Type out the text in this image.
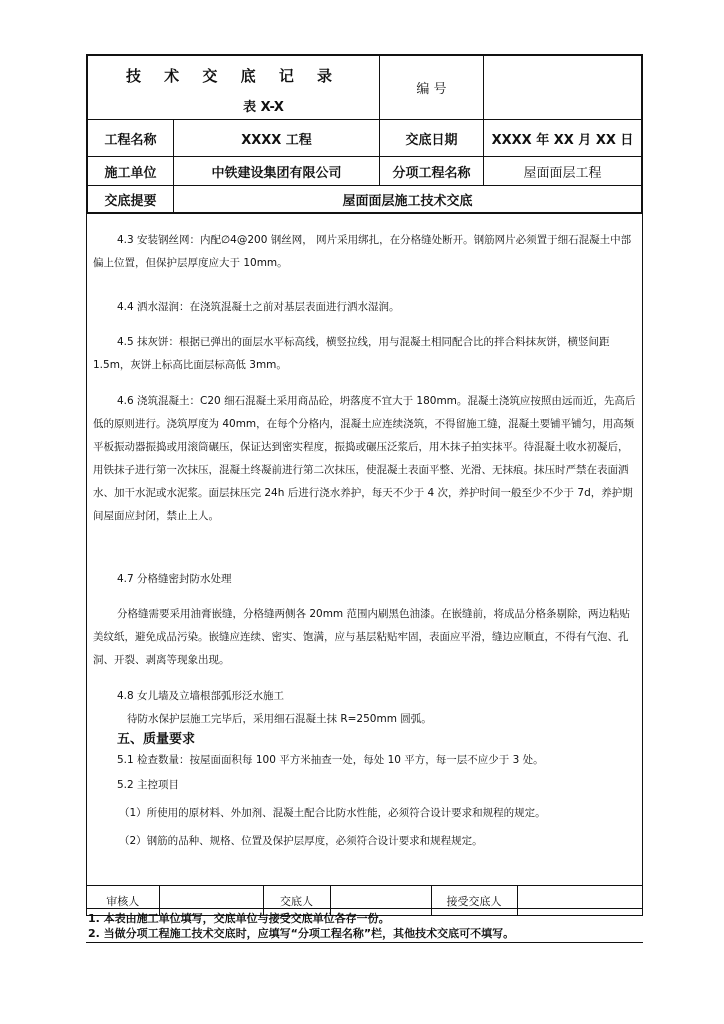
技 术 交 底 记 录
表 X-X		编 号	
工程名称	XXXX 工程	交底日期	XXXX 年 XX 月 XX 日
施工单位	中铁建设集团有限公司	分项工程名称	屋面面层工程
交底提要	屋面面层施工技术交底		
4.3 安装钢丝网：内配∅4@200 钢丝网， 网片采用绑扎，在分格缝处断开。钢筋网片必须置于细石混凝土中部偏上位置，但保护层厚度应大于 10mm。
4.4 洒水湿润：在浇筑混凝土之前对基层表面进行洒水湿润。
4.5 抹灰饼：根据已弹出的面层水平标高线，横竖拉线，用与混凝土相同配合比的拌合料抹灰饼，横竖间距 1.5m，灰饼上标高比面层标高低 3mm。
4.6 浇筑混凝土：C20 细石混凝土采用商品砼，坍落度不宜大于 180mm。混凝土浇筑应按照由远而近，先高后低的原则进行。浇筑厚度为 40mm，在每个分格内，混凝土应连续浇筑，不得留施工缝，混凝土要铺平铺匀，用高频平板振动器振捣或用滚筒碾压，保证达到密实程度，振捣或碾压泛浆后，用木抹子拍实抹平。待混凝土收水初凝后，用铁抹子进行第一次抹压，混凝土终凝前进行第二次抹压，使混凝土表面平整、光滑、无抹痕。抹压时严禁在表面洒水、加干水泥或水泥浆。面层抹压完 24h 后进行浇水养护，每天不少于 4 次，养护时间一般至少不少于 7d，养护期间屋面应封闭，禁止上人。
4.7 分格缝密封防水处理
分格缝需要采用油膏嵌缝，分格缝两侧各 20mm 范围内刷黑色油漆。在嵌缝前，将成品分格条剔除，两边粘贴美纹纸，避免成品污染。嵌缝应连续、密实、饱满，应与基层粘贴牢固，表面应平滑，缝边应顺直，不得有气泡、孔洞、开裂、剥离等现象出现。
4.8 女儿墙及立墙根部弧形泛水施工
待防水保护层施工完毕后，采用细石混凝土抹 R=250mm 圆弧。
五、质量要求
5.1 检查数量：按屋面面积每 100 平方米抽查一处，每处 10 平方，每一层不应少于 3 处。
5.2 主控项目
（1）所使用的原材料、外加剂、混凝土配合比防水性能，必须符合设计要求和规程的规定。
（2）钢筋的品种、规格、位置及保护层厚度，必须符合设计要求和规程规定。
审核人		交底人		接受交底人	
1. 本表由施工单位填写，交底单位与接受交底单位各存一份。
2. 当做分项工程施工技术交底时，应填写“分项工程名称”栏，其他技术交底可不填写。
